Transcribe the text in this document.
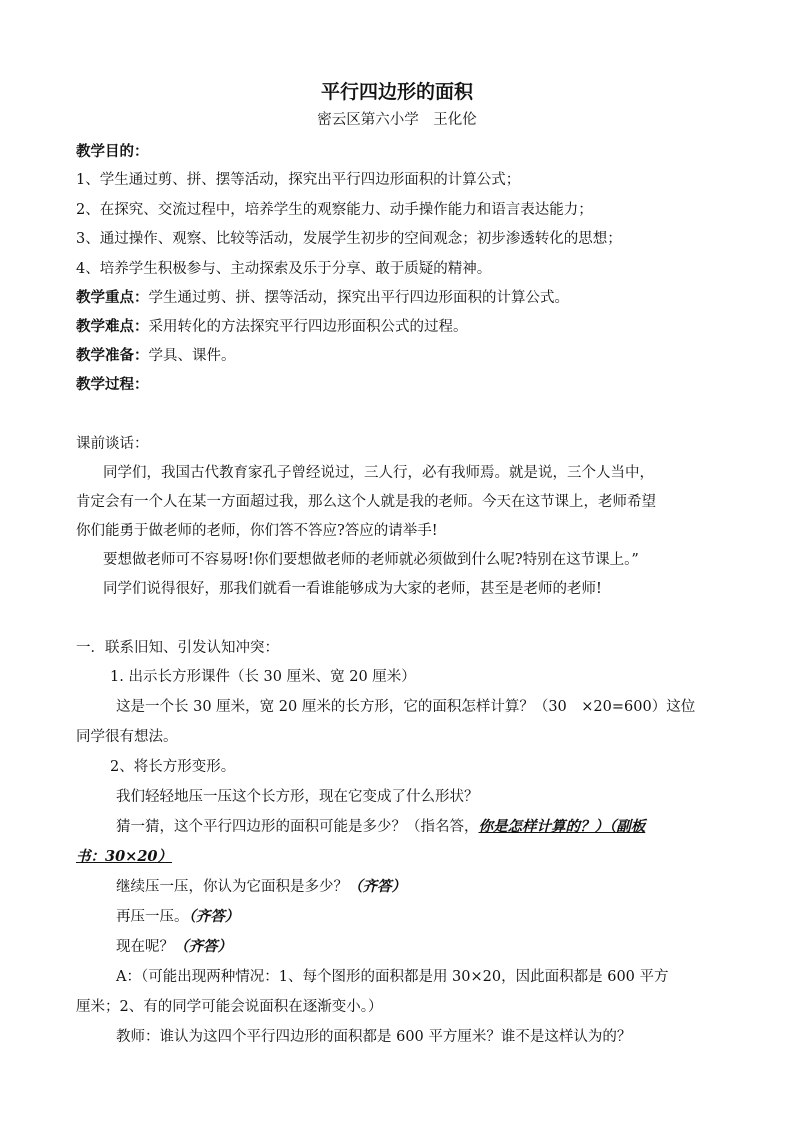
平行四边形的面积
密云区第六小学　王化伦
教学目的：
1、学生通过剪、拼、摆等活动，探究出平行四边形面积的计算公式；
2、在探究、交流过程中，培养学生的观察能力、动手操作能力和语言表达能力；
3、通过操作、观察、比较等活动，发展学生初步的空间观念；初步渗透转化的思想；
4、培养学生积极参与、主动探索及乐于分享、敢于质疑的精神。
教学重点：学生通过剪、拼、摆等活动，探究出平行四边形面积的计算公式。
教学难点：采用转化的方法探究平行四边形面积公式的过程。
教学准备：学具、课件。
教学过程：
课前谈话：
同学们，我国古代教育家孔子曾经说过，三人行，必有我师焉。就是说，三个人当中，
肯定会有一个人在某一方面超过我，那么这个人就是我的老师。今天在这节课上，老师希望
你们能勇于做老师的老师，你们答不答应?答应的请举手!
要想做老师可不容易呀!你们要想做老师的老师就必须做到什么呢?特别在这节课上。”
同学们说得很好，那我们就看一看谁能够成为大家的老师，甚至是老师的老师!
一．联系旧知、引发认知冲突：
1. 出示长方形课件（长 30 厘米、宽 20 厘米）
这是一个长 30 厘米，宽 20 厘米的长方形，它的面积怎样计算？（30　×20=600）这位
同学很有想法。
2、将长方形变形。
我们轻轻地压一压这个长方形，现在它变成了什么形状？
猜一猜，这个平行四边形的面积可能是多少？（指名答，你是怎样计算的？）（副板
书：30×20）
继续压一压，你认为它面积是多少？（齐答）
再压一压。（齐答）
现在呢？（齐答）
A：（可能出现两种情况：1、每个图形的面积都是用 30×20，因此面积都是 600 平方
厘米；2、有的同学可能会说面积在逐渐变小。）
教师：谁认为这四个平行四边形的面积都是 600 平方厘米？谁不是这样认为的？
